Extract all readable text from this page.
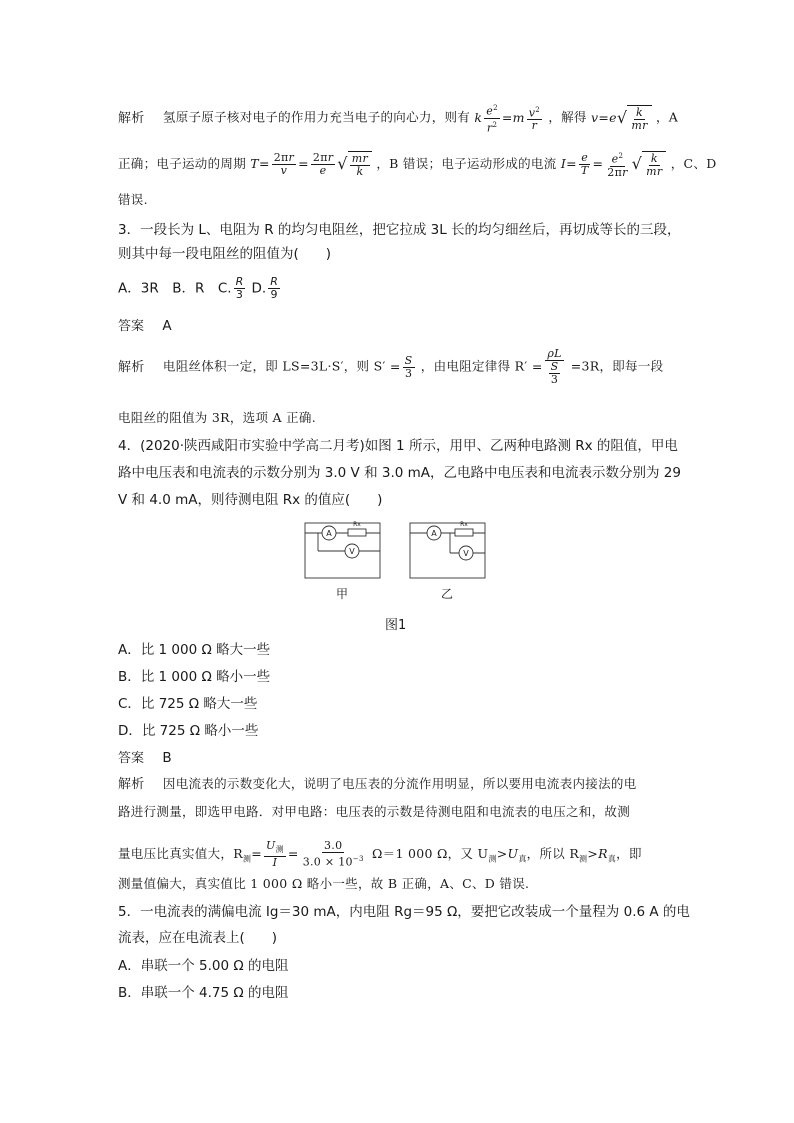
解析 氢原子原子核对电子的作用力充当电子的向心力，则有 k $\frac{e^2}{r^2} =m \frac{v^2}{r}$ ，解得 v=e √ $\frac{k}{mr}$ ，A
正确；电子运动的周期 $T= \frac{2\pi r}{v} = \frac{2\pi r}{e}$ √ $\frac{mr}{k}$ ，B 错误；电子运动形成的电流 $I= \frac{e}{T} = \frac{e^2}{2\pi r}$ √ $\frac{k}{mr}$ ，C、D
错误.
3．一段长为 L、电阻为 R 的均匀电阻丝，把它拉成 3L 长的均匀细丝后，再切成等长的三段，
则其中每一段电阻丝的阻值为(　　)
A．3R　B．R　C. $\frac{R}{3} D$. $\frac{R}{9}$
答案 A
解析 电阻丝体积一定，即 LS=3L·S′，则 $S' = \frac{S}{3}$ ，由电阻定律得 $R' = \frac{\rho L}{\frac{S}{3}} =3R$，即每一段
电阻丝的阻值为 3R，选项 A 正确.
4．(2020·陕西咸阳市实验中学高二月考)如图 1 所示，用甲、乙两种电路测 Rx 的阻值，甲电
路中电压表和电流表的示数分别为 3.0 V 和 3.0 mA，乙电路中电压表和电流表示数分别为 29
V 和 4.0 mA，则待测电阻 Rx 的值应(　　)
A
V
Rx
A
V
Rx
甲	乙
图1
A．比 1 000 Ω 略大一些
B．比 1 000 Ω 略小一些
C．比 725 Ω 略大一些
D．比 725 Ω 略小一些
答案 B
解析 因电流表的示数变化大，说明了电压表的分流作用明显，所以要用电流表内接法的电
路进行测量，即选甲电路．对甲电路：电压表的示数是待测电阻和电流表的电压之和，故测
量电压比真实值大，$R_测= \frac{U_测}{I} = \frac{3.0}{3.0 \times 10^{-3}} \Omega=1$ 000 Ω，又 $U_测>U_真$，所以 $R_测>R_真$，即
测量值偏大，真实值比 1 000 Ω 略小一些，故 B 正确，A、C、D 错误.
5．一电流表的满偏电流 Ig＝30 mA，内电阻 Rg＝95 Ω，要把它改装成一个量程为 0.6 A 的电
流表，应在电流表上(　　)
A．串联一个 5.00 Ω 的电阻
B．串联一个 4.75 Ω 的电阻
